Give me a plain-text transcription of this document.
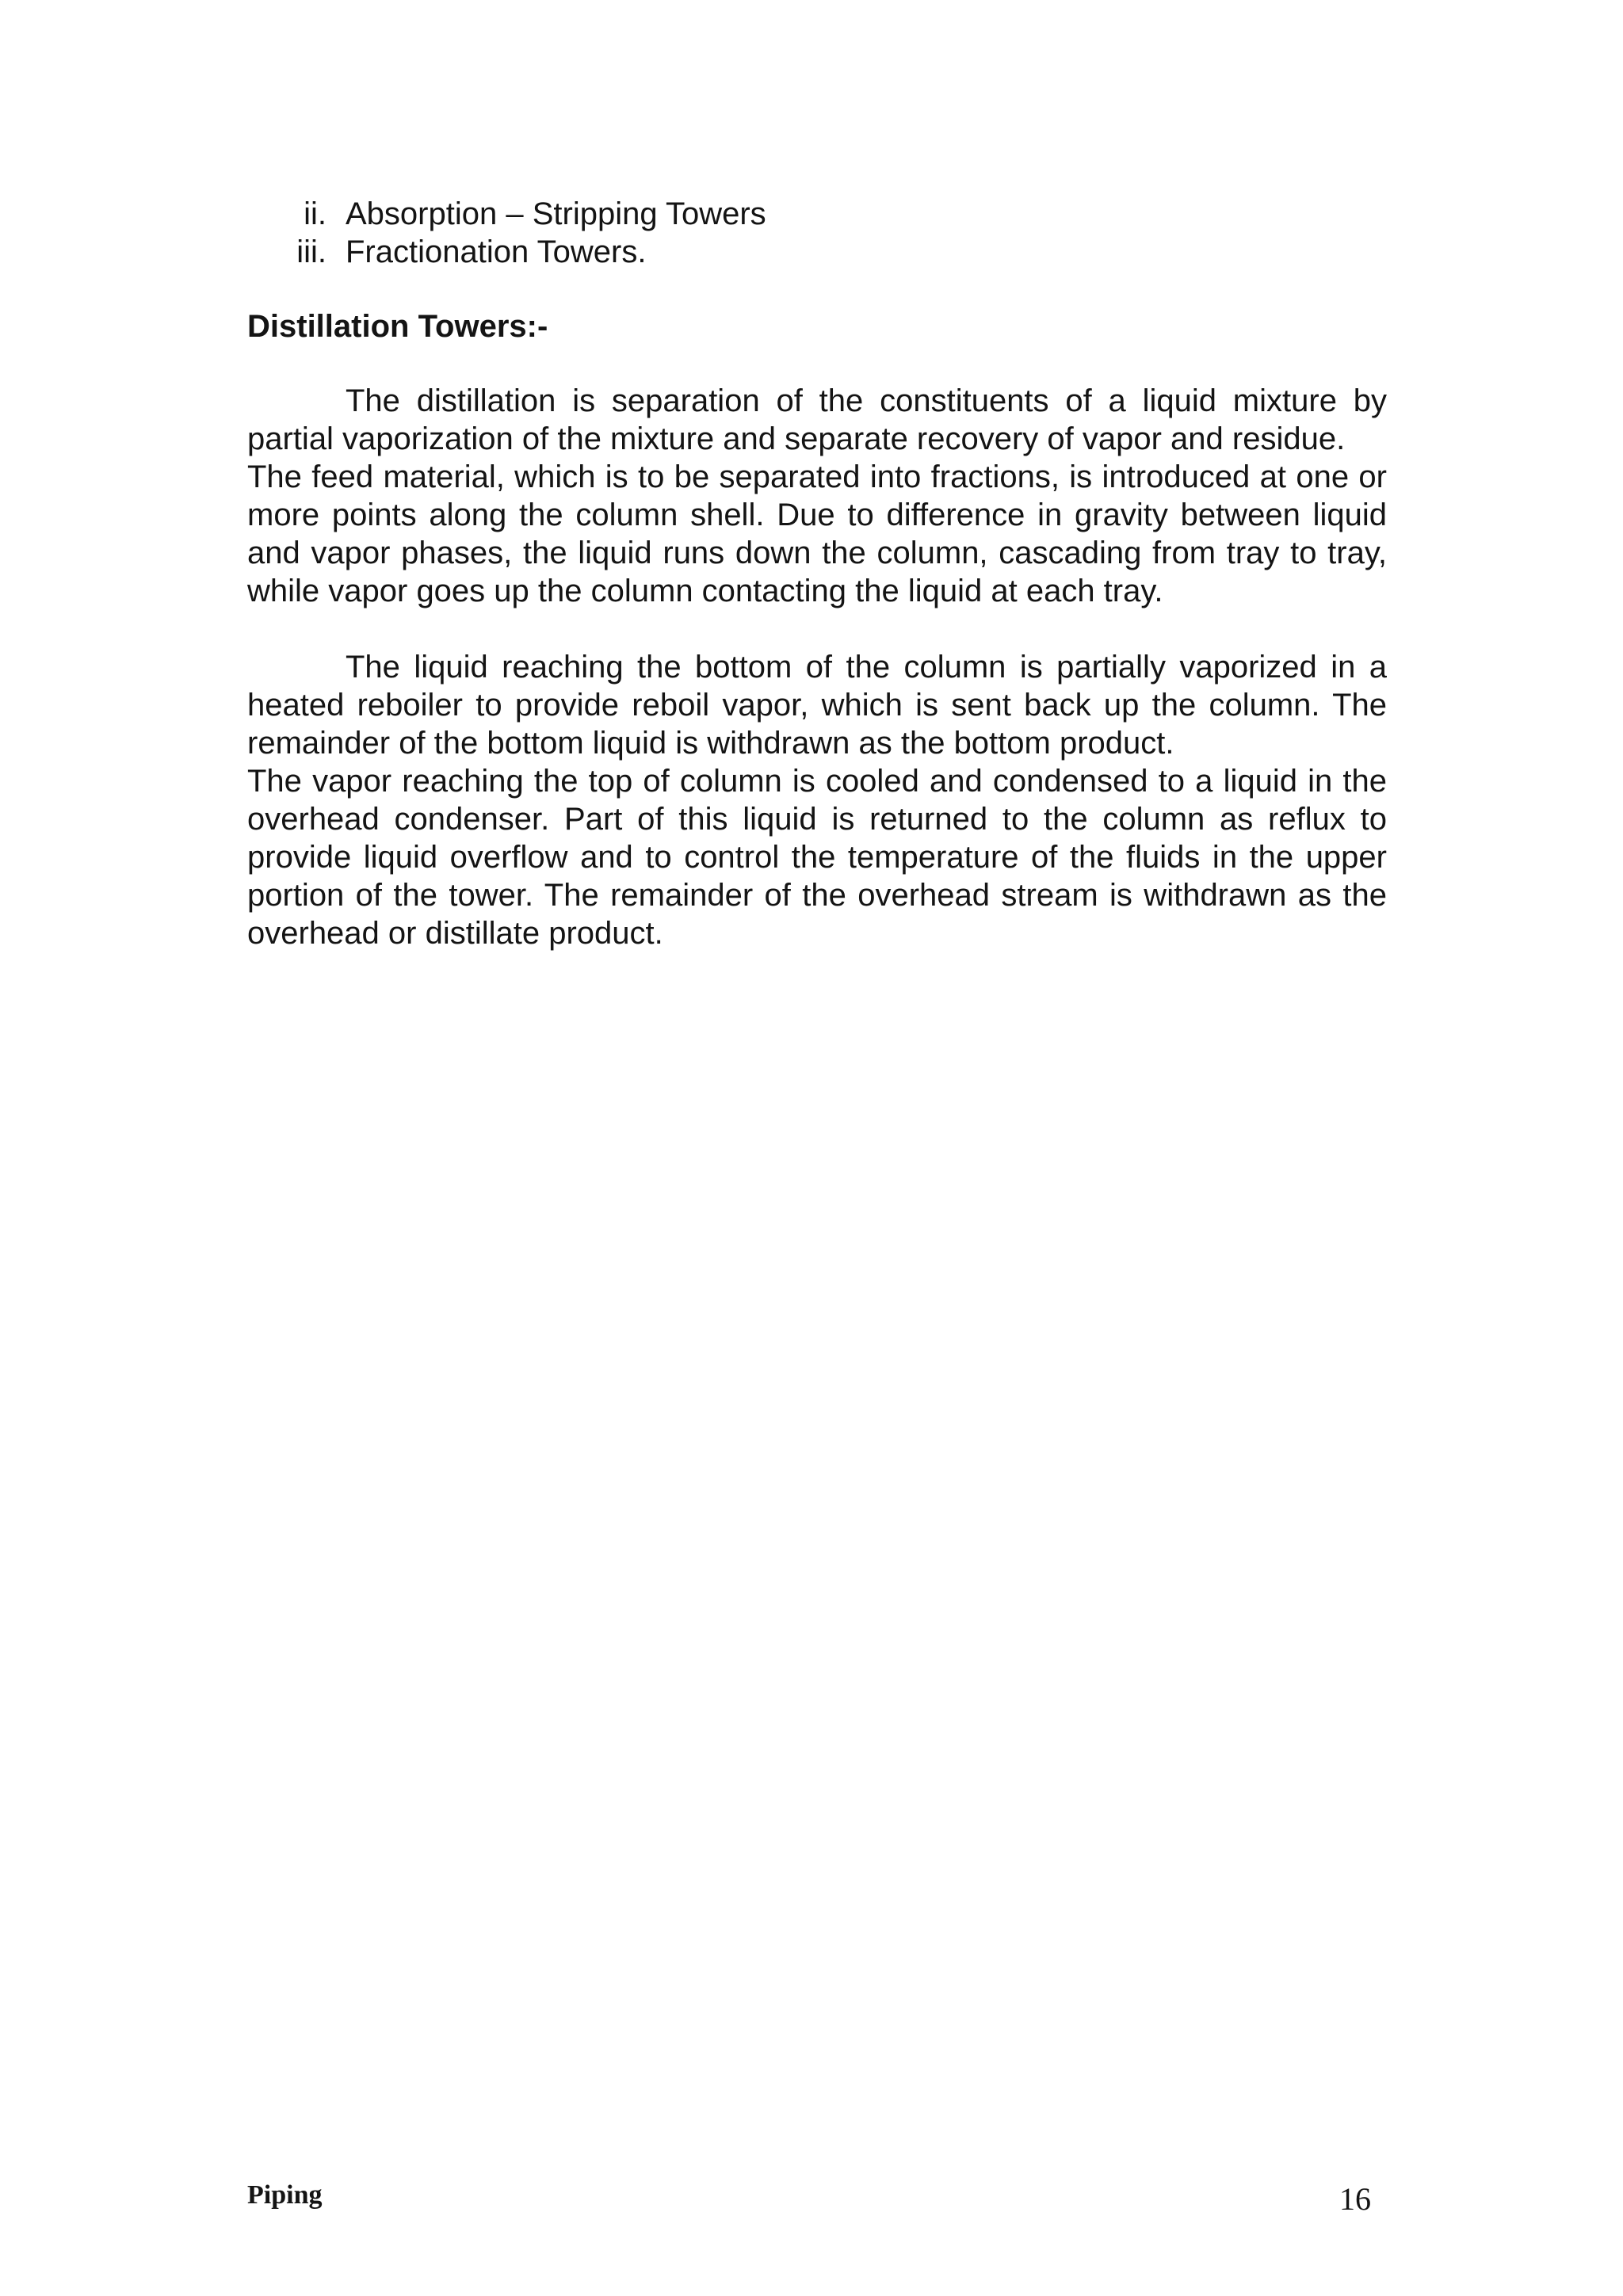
ii. Absorption – Stripping Towers
iii. Fractionation Towers.
Distillation Towers:-

The distillation is separation of the constituents of a liquid mixture by partial vaporization of the mixture and separate recovery of vapor and residue.

The feed material, which is to be separated into fractions, is introduced at one or more points along the column shell. Due to difference in gravity between liquid and vapor phases, the liquid runs down the column, cascading from tray to tray, while vapor goes up the column contacting the liquid at each tray.

The liquid reaching the bottom of the column is partially vaporized in a heated reboiler to provide reboil vapor, which is sent back up the column. The remainder of the bottom liquid is withdrawn as the bottom product.

The vapor reaching the top of column is cooled and condensed to a liquid in the overhead condenser. Part of this liquid is returned to the column as reflux to provide liquid overflow and to control the temperature of the fluids in the upper portion of the tower. The remainder of the overhead stream is withdrawn as the overhead or distillate product.

Piping	16
